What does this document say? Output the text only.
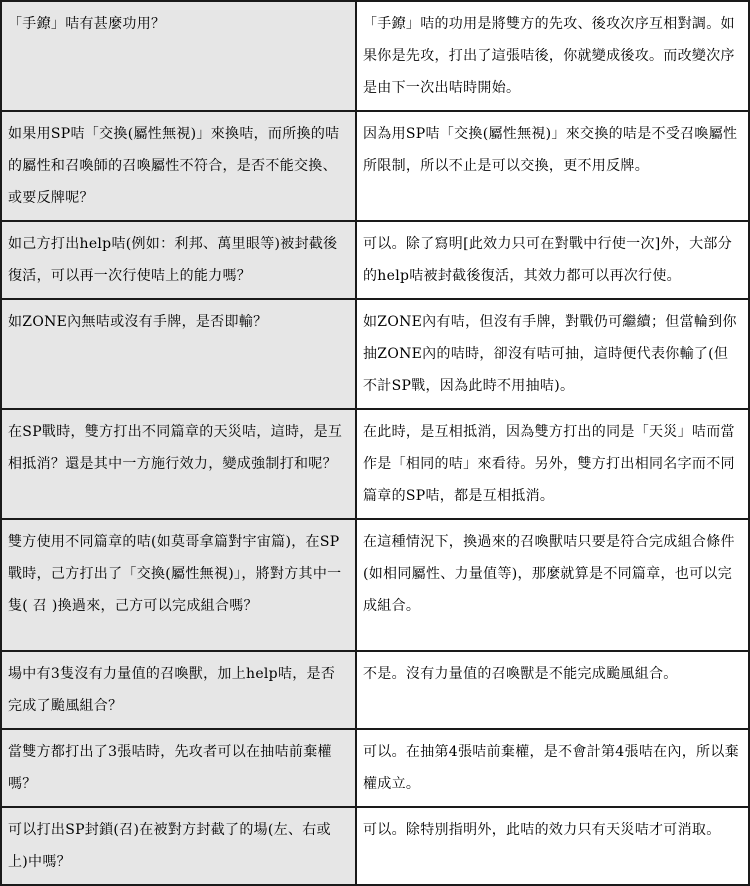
「手鐐」咭有甚麼功用？	「手鐐」咭的功用是將雙方的先攻、後攻次序互相對調。如果你是先攻，打出了這張咭後，你就變成後攻。而改變次序是由下一次出咭時開始。

如果用SP咭「交換(屬性無視)」來換咭，而所換的咭的屬性和召喚師的召喚屬性不符合，是否不能交換、或要反牌呢？	因為用SP咭「交換(屬性無視)」來交換的咭是不受召喚屬性所限制，所以不止是可以交換，更不用反牌。

如己方打出help咭(例如：利邦、萬里眼等)被封截後復活，可以再一次行使咭上的能力嗎？	可以。除了寫明[此效力只可在對戰中行使一次]外，大部分的help咭被封截後復活，其效力都可以再次行使。

如ZONE內無咭或沒有手牌，是否即輸？	如ZONE內有咭，但沒有手牌，對戰仍可繼續；但當輪到你抽ZONE內的咭時，卻沒有咭可抽，這時便代表你輸了(但不計SP戰，因為此時不用抽咭)。

在SP戰時，雙方打出不同篇章的天災咭，這時，是互相抵消？還是其中一方施行效力，變成強制打和呢？	在此時，是互相抵消，因為雙方打出的同是「天災」咭而當作是「相同的咭」來看待。另外，雙方打出相同名字而不同篇章的SP咭，都是互相抵消。

雙方使用不同篇章的咭(如莫哥拿篇對宇宙篇)，在SP戰時，己方打出了「交換(屬性無視)」，將對方其中一隻( 召 )換過來，己方可以完成組合嗎？	在這種情況下，換過來的召喚獸咭只要是符合完成組合條件(如相同屬性、力量值等)，那麼就算是不同篇章，也可以完成組合。

場中有3隻沒有力量值的召喚獸，加上help咭，是否完成了颱風組合？	不是。沒有力量值的召喚獸是不能完成颱風組合。

當雙方都打出了3張咭時，先攻者可以在抽咭前棄權嗎？	可以。在抽第4張咭前棄權，是不會計第4張咭在內，所以棄權成立。

可以打出SP封鎖(召)在被對方封截了的場(左、右或上)中嗎？	可以。除特別指明外，此咭的效力只有天災咭才可消取。
